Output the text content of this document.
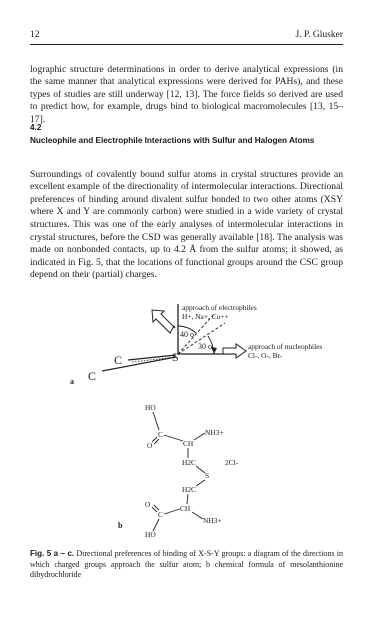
12	J. P. Glusker

lographic structure determinations in order to derive analytical expressions (in the same manner that analytical expressions were derived for PAHs), and these types of studies are still underway [12, 13]. The force fields so derived are used to predict how, for example, drugs bind to biological macromolecules [13, 15–17].

4.2
Nucleophile and Electrophile Interactions with Sulfur and Halogen Atoms

Surroundings of covalently bound sulfur atoms in crystal structures provide an excellent example of the directionality of intermolecular interactions. Directional preferences of binding around divalent sulfur bonded to two other atoms (XSY where X and Y are commonly carbon) were studied in a wide variety of crystal structures. This was one of the early analyses of intermolecular interactions in crystal structures, before the CSD was generally available [18]. The analysis was made on nonbonded contacts, up to 4.2 Å from the sulfur atoms; it showed, as indicated in Fig. 5, that the locations of functional groups around the CSC group depend on their (partial) charges.

approach of electrophiles
H+, Na+, Cu++
approach of nucleophiles
Cl-, O-, Br-
40 o
30 o
C
C
S
a
HO
C
O	CH
NH3+
H2C
S
2Cl-
H2C
CH
NH3+
O
C
HO
b

Fig. 5 a – c. Directional preferences of binding of X-S-Y groups: a diagram of the directions in which charged groups approach the sulfur atom; b chemical formula of mesolanthionine dihydrochloride
